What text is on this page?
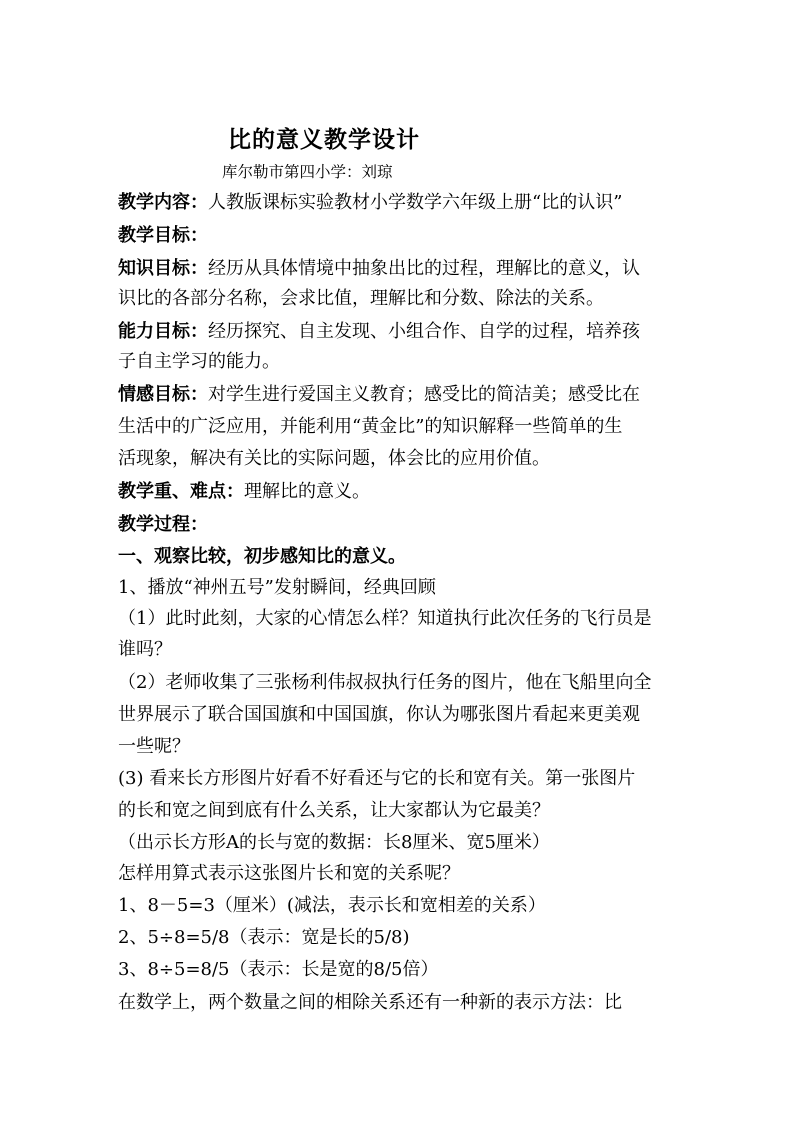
比的意义教学设计
库尔勒市第四小学：刘琼
教学内容：人教版课标实验教材小学数学六年级上册“比的认识”
教学目标：
知识目标：经历从具体情境中抽象出比的过程，理解比的意义，认
识比的各部分名称，会求比值，理解比和分数、除法的关系。
能力目标：经历探究、自主发现、小组合作、自学的过程，培养孩
子自主学习的能力。
情感目标：对学生进行爱国主义教育；感受比的简洁美；感受比在
生活中的广泛应用，并能利用“黄金比”的知识解释一些简单的生
活现象，解决有关比的实际问题，体会比的应用价值。
教学重、难点：理解比的意义。
教学过程：
一、观察比较，初步感知比的意义。
1、播放“神州五号”发射瞬间，经典回顾
（1）此时此刻，大家的心情怎么样？知道执行此次任务的飞行员是
谁吗？
（2）老师收集了三张杨利伟叔叔执行任务的图片，他在飞船里向全
世界展示了联合国国旗和中国国旗，你认为哪张图片看起来更美观
一些呢？
(3) 看来长方形图片好看不好看还与它的长和宽有关。第一张图片
的长和宽之间到底有什么关系，让大家都认为它最美？
（出示长方形A的长与宽的数据：长8厘米、宽5厘米）
怎样用算式表示这张图片长和宽的关系呢？
1、8－5=3（厘米）(减法，表示长和宽相差的关系）
2、5÷8=5/8（表示：宽是长的5/8)
3、8÷5=8/5（表示：长是宽的8/5倍）
在数学上，两个数量之间的相除关系还有一种新的表示方法：比
